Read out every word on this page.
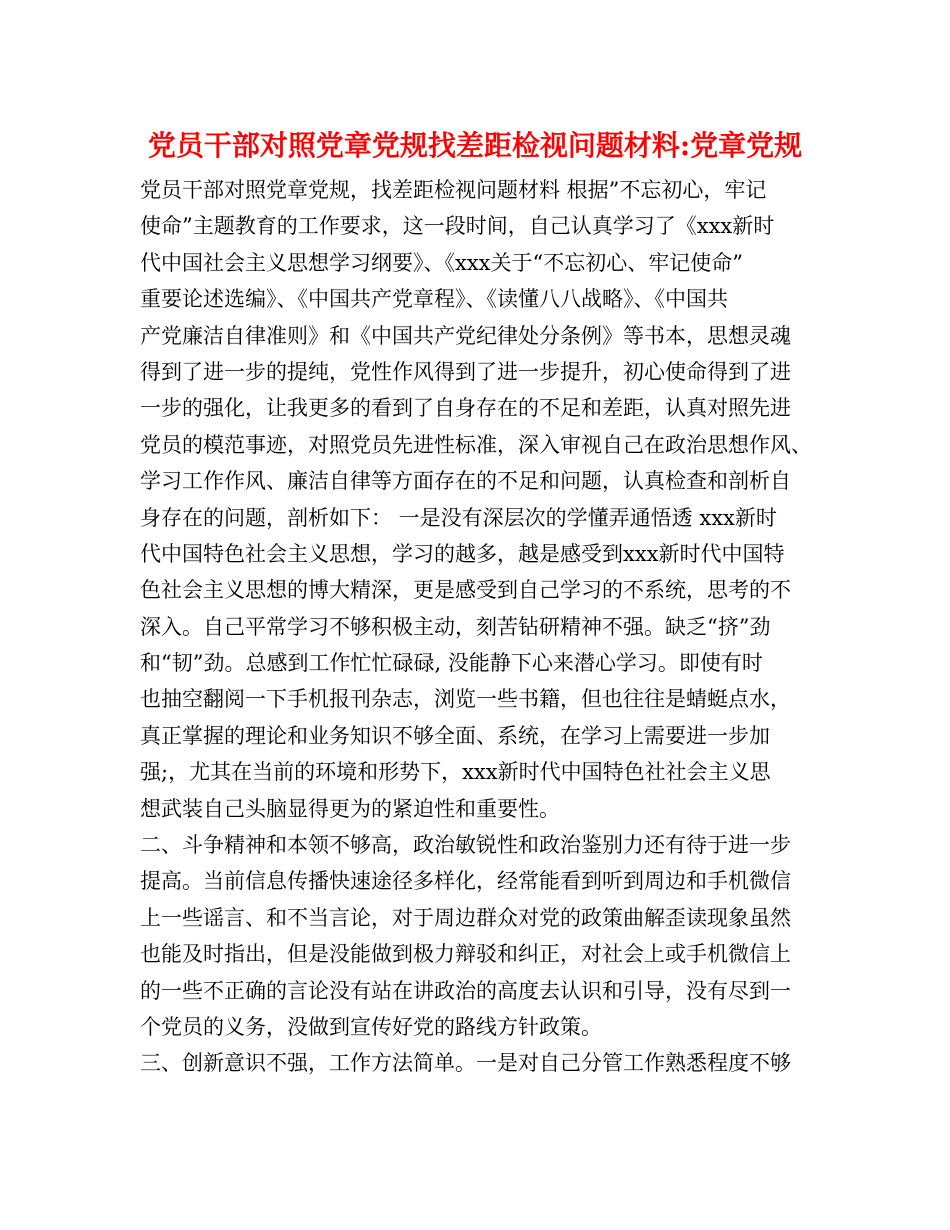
党员干部对照党章党规找差距检视问题材料:党章党规
党员干部对照党章党规，找差距检视问题材料 根据”不忘初心，牢记
使命”主题教育的工作要求，这一段时间，自己认真学习了《xxx新时
代中国社会主义思想学习纲要》、《xxx关于“不忘初心、牢记使命”
重要论述选编》、《中国共产党章程》、《读懂八八战略》、《中国共
产党廉洁自律准则》和《中国共产党纪律处分条例》等书本，思想灵魂
得到了进一步的提纯，党性作风得到了进一步提升，初心使命得到了进
一步的强化，让我更多的看到了自身存在的不足和差距，认真对照先进
党员的模范事迹，对照党员先进性标准，深入审视自己在政治思想作风、
学习工作作风、廉洁自律等方面存在的不足和问题，认真检查和剖析自
身存在的问题，剖析如下： 一是没有深层次的学懂弄通悟透 xxx新时
代中国特色社会主义思想，学习的越多，越是感受到xxx新时代中国特
色社会主义思想的博大精深，更是感受到自己学习的不系统，思考的不
深入。自己平常学习不够积极主动，刻苦钻研精神不强。缺乏“挤”劲
和“韧”劲。总感到工作忙忙碌碌, 没能静下心来潜心学习。即使有时
也抽空翻阅一下手机报刊杂志，浏览一些书籍，但也往往是蜻蜓点水，
真正掌握的理论和业务知识不够全面、系统，在学习上需要进一步加
强;，尤其在当前的环境和形势下，xxx新时代中国特色社社会主义思
想武装自己头脑显得更为的紧迫性和重要性。
二、斗争精神和本领不够高，政治敏锐性和政治鉴别力还有待于进一步
提高。当前信息传播快速途径多样化，经常能看到听到周边和手机微信
上一些谣言、和不当言论，对于周边群众对党的政策曲解歪读现象虽然
也能及时指出，但是没能做到极力辩驳和纠正，对社会上或手机微信上
的一些不正确的言论没有站在讲政治的高度去认识和引导，没有尽到一
个党员的义务，没做到宣传好党的路线方针政策。
三、创新意识不强，工作方法简单。一是对自己分管工作熟悉程度不够
